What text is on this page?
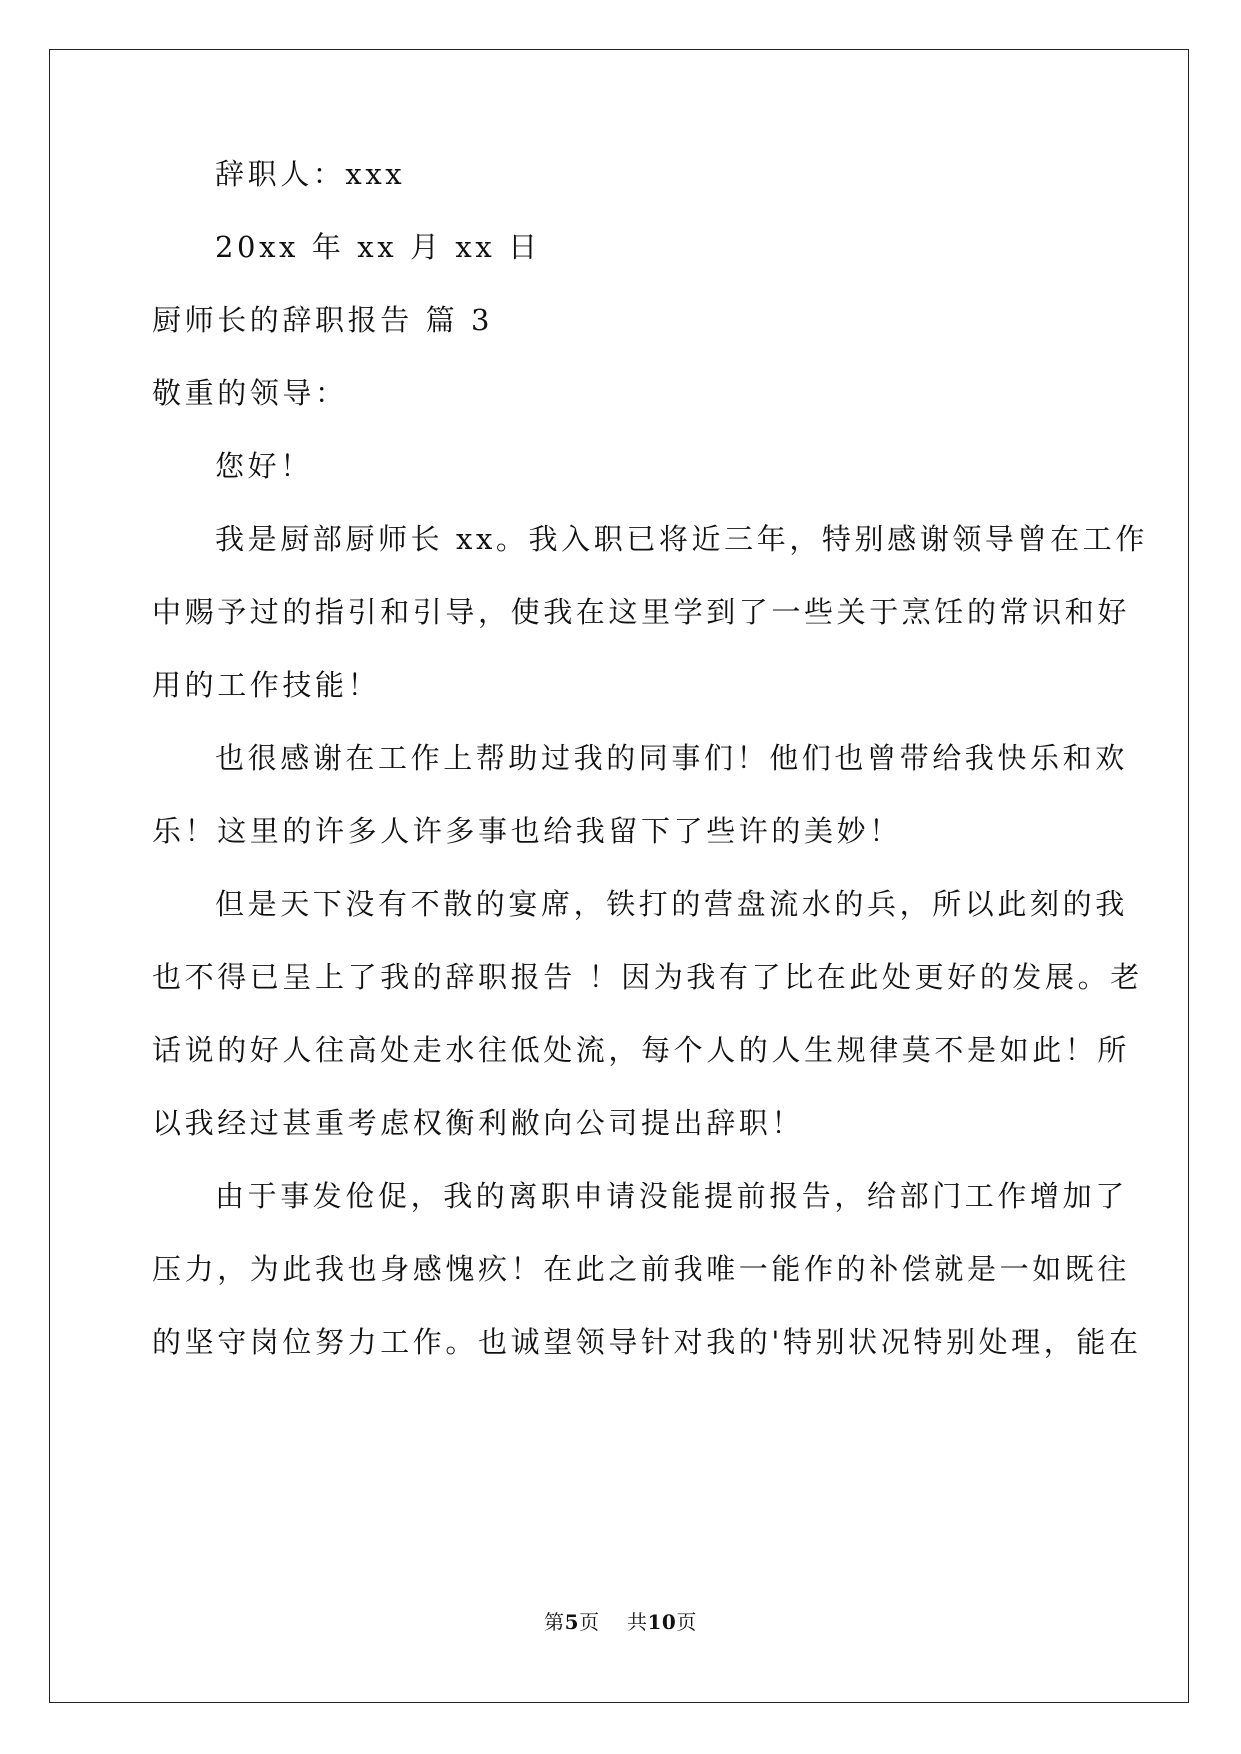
辞职人：xxx
20xx 年 xx 月 xx 日
厨师长的辞职报告 篇 3
敬重的领导：
您好！
我是厨部厨师长 xx。我入职已将近三年，特别感谢领导曾在工作
中赐予过的指引和引导，使我在这里学到了一些关于烹饪的常识和好
用的工作技能！
也很感谢在工作上帮助过我的同事们！他们也曾带给我快乐和欢
乐！这里的许多人许多事也给我留下了些许的美妙！
但是天下没有不散的宴席，铁打的营盘流水的兵，所以此刻的我
也不得已呈上了我的辞职报告 ！因为我有了比在此处更好的发展。老
话说的好人往高处走水往低处流，每个人的人生规律莫不是如此！所
以我经过甚重考虑权衡利敝向公司提出辞职！
由于事发伧促，我的离职申请没能提前报告，给部门工作增加了
压力，为此我也身感愧疚！在此之前我唯一能作的补偿就是一如既往
的坚守岗位努力工作。也诚望领导针对我的'特别状况特别处理，能在
第5页 共10页
